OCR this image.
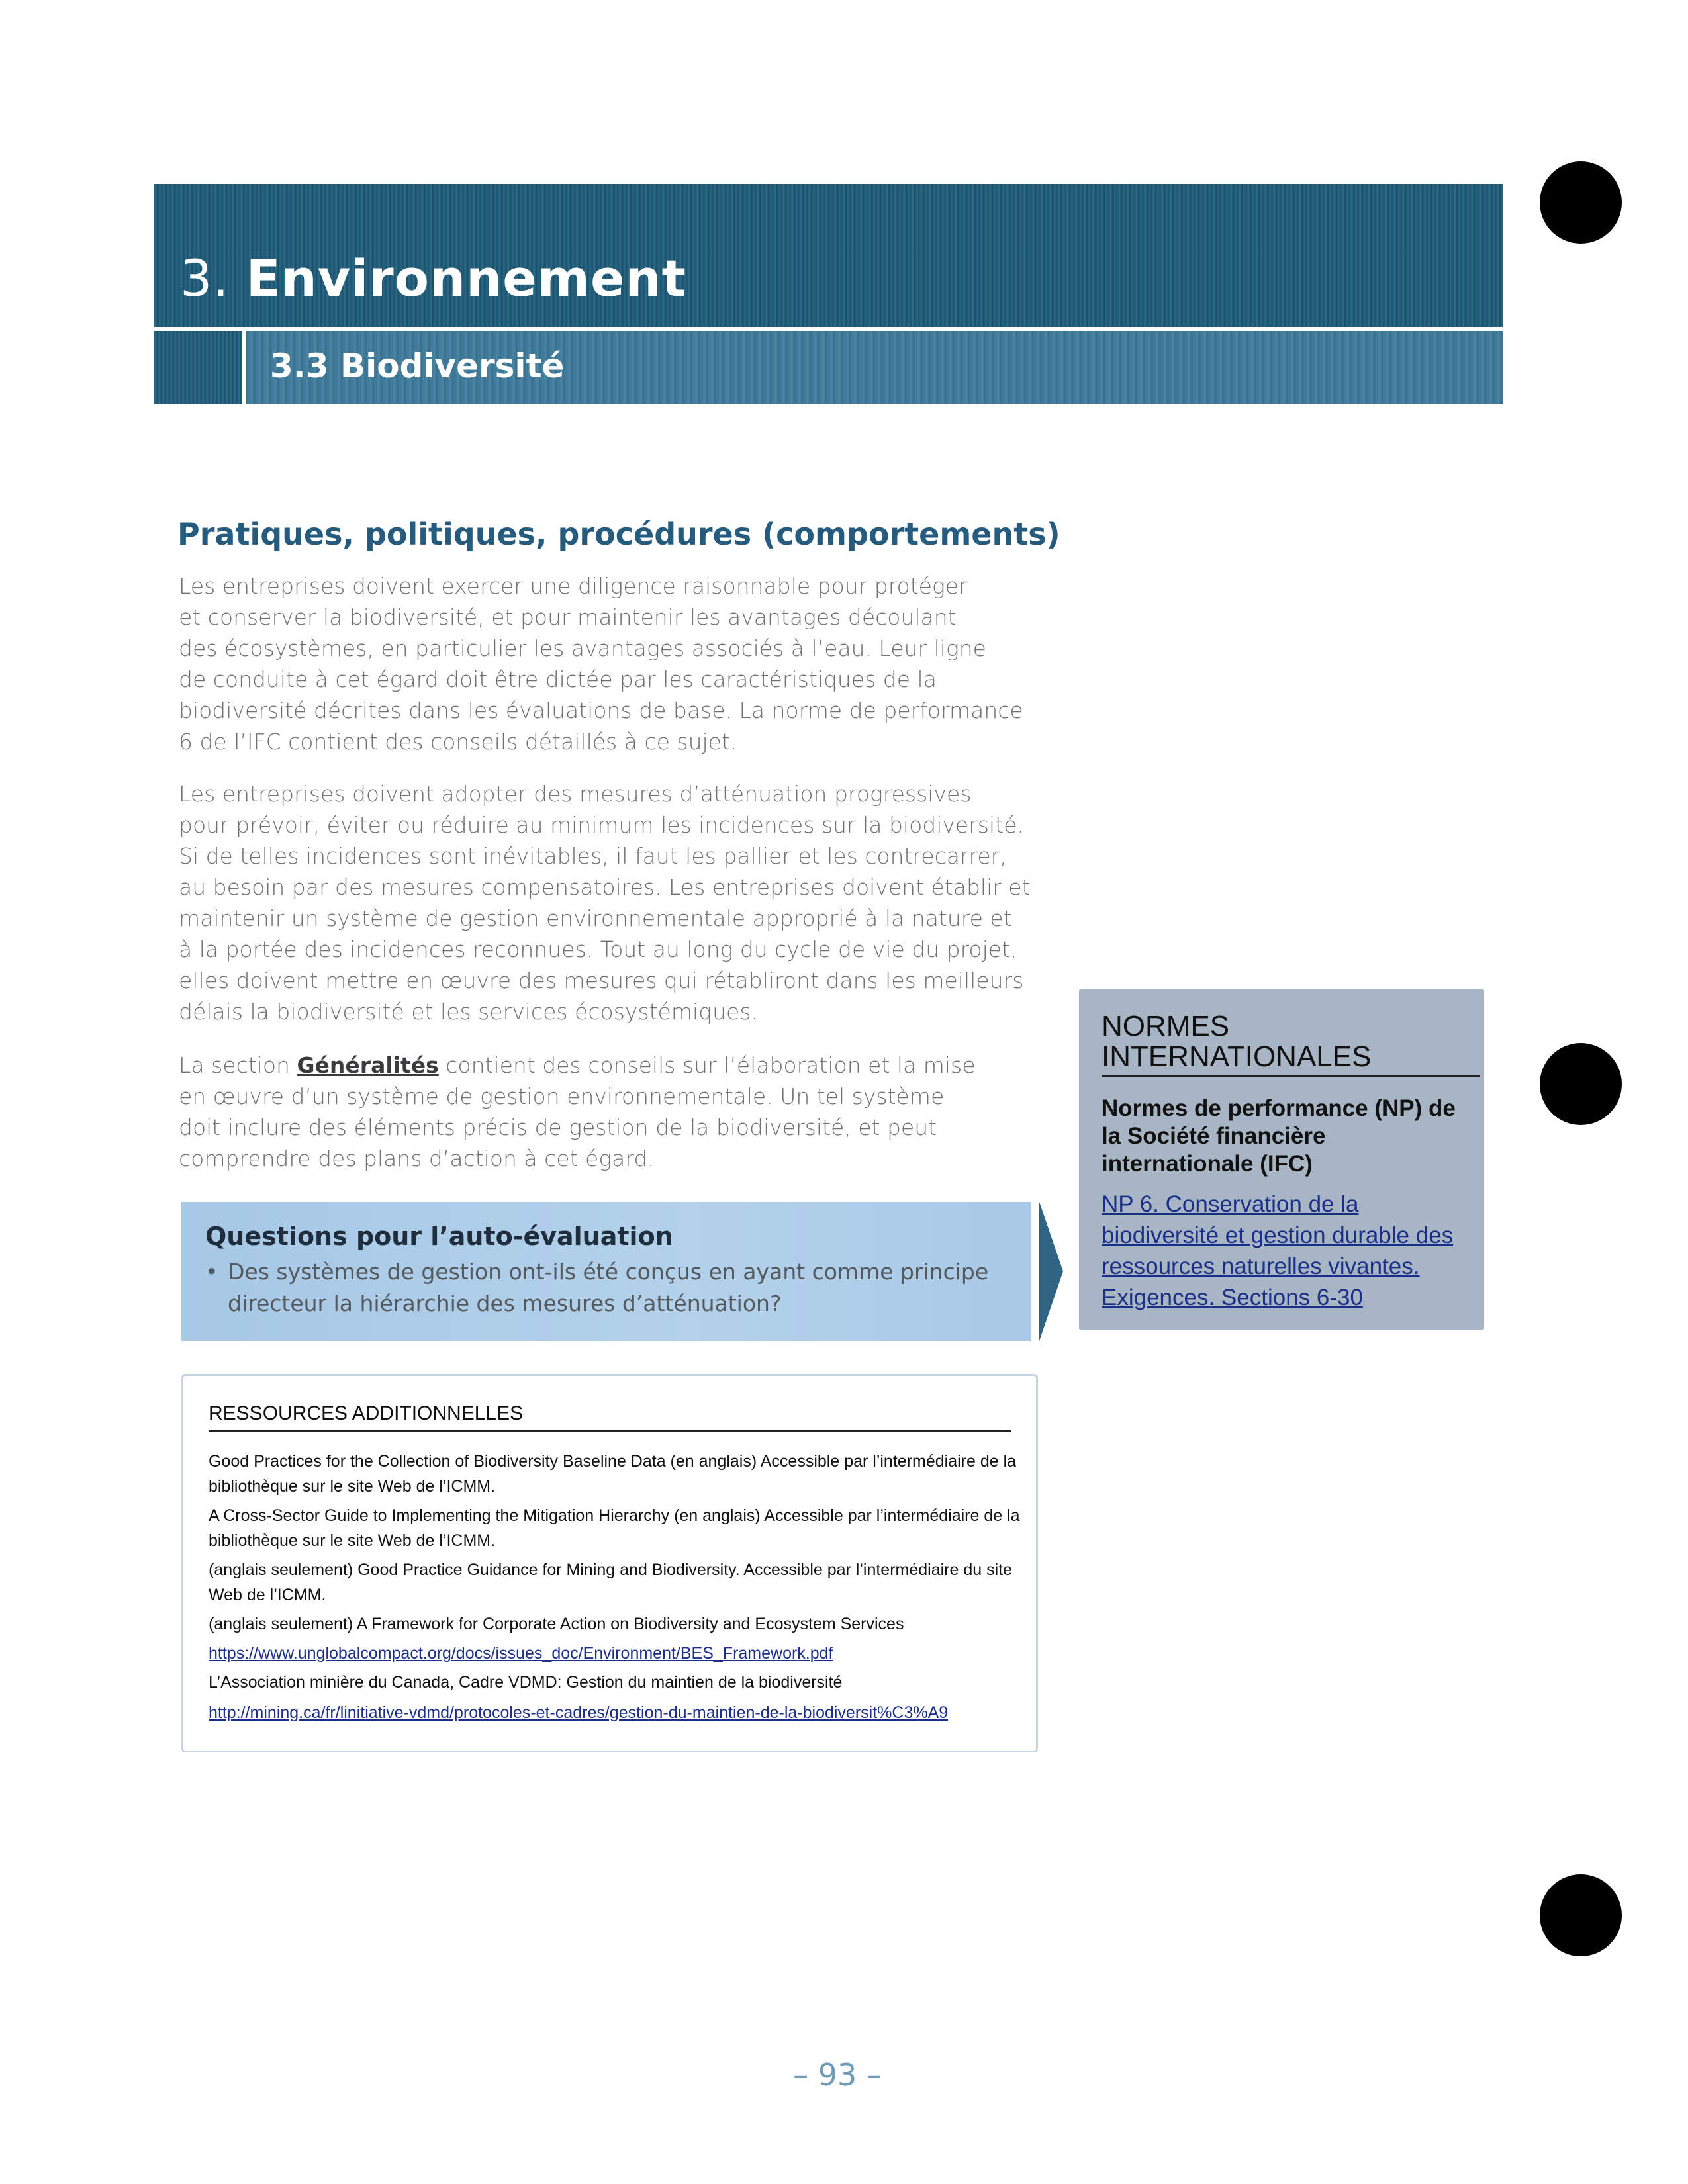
3. Environnement
3.3 Biodiversité
Pratiques, politiques, procédures (comportements)
Les entreprises doivent exercer une diligence raisonnable pour protéger
et conserver la biodiversité, et pour maintenir les avantages découlant
des écosystèmes, en particulier les avantages associés à l’eau. Leur ligne
de conduite à cet égard doit être dictée par les caractéristiques de la
biodiversité décrites dans les évaluations de base. La norme de performance
6 de l’IFC contient des conseils détaillés à ce sujet.
Les entreprises doivent adopter des mesures d’atténuation progressives
pour prévoir, éviter ou réduire au minimum les incidences sur la biodiversité.
Si de telles incidences sont inévitables, il faut les pallier et les contrecarrer,
au besoin par des mesures compensatoires. Les entreprises doivent établir et
maintenir un système de gestion environnementale approprié à la nature et
à la portée des incidences reconnues. Tout au long du cycle de vie du projet,
elles doivent mettre en œuvre des mesures qui rétabliront dans les meilleurs
délais la biodiversité et les services écosystémiques.
La section Généralités contient des conseils sur l’élaboration et la mise
en œuvre d’un système de gestion environnementale. Un tel système
doit inclure des éléments précis de gestion de la biodiversité, et peut
comprendre des plans d’action à cet égard.
Questions pour l’auto-évaluation
• Des systèmes de gestion ont-ils été conçus en ayant comme principe directeur la hiérarchie des mesures d’atténuation?
RESSOURCES ADDITIONNELLES
Good Practices for the Collection of Biodiversity Baseline Data (en anglais) Accessible par l’intermédiaire de la bibliothèque sur le site Web de l’ICMM.
A Cross-Sector Guide to Implementing the Mitigation Hierarchy (en anglais) Accessible par l’intermédiaire de la bibliothèque sur le site Web de l’ICMM.
(anglais seulement) Good Practice Guidance for Mining and Biodiversity. Accessible par l’intermédiaire du site Web de l’ICMM.
(anglais seulement) A Framework for Corporate Action on Biodiversity and Ecosystem Services
https://www.unglobalcompact.org/docs/issues_doc/Environment/BES_Framework.pdf
L’Association minière du Canada, Cadre VDMD: Gestion du maintien de la biodiversité
http://mining.ca/fr/linitiative-vdmd/protocoles-et-cadres/gestion-du-maintien-de-la-biodiversit%C3%A9
NORMES INTERNATIONALES
Normes de performance (NP) de la Société financière internationale (IFC)
NP 6. Conservation de la biodiversité et gestion durable des ressources naturelles vivantes. Exigences. Sections 6-30
– 93 –
